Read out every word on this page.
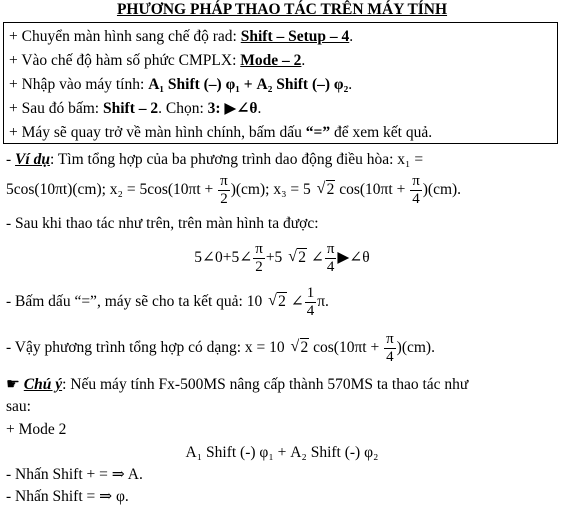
PHƯƠNG PHÁP THAO TÁC TRÊN MÁY TÍNH
+ Chuyển màn hình sang chế độ rad: Shift – Setup – 4.
+ Vào chế độ hàm số phức CMPLX: Mode – 2.
+ Nhập vào máy tính: A₁ Shift (–) φ₁ + A₂ Shift (–) φ₂.
+ Sau đó bấm: Shift – 2. Chọn: 3: ▶∠θ.
+ Máy sẽ quay trở về màn hình chính, bấm dấu “=” để xem kết quả.
- Ví dụ: Tìm tổng hợp của ba phương trình dao động điều hòa: x₁ =
5cos(10πt)(cm); $x_2 = 5\cos(10\pi t + \frac{\pi}{2} )(cm)$; x₃ = 5 √ 2 $\cos(10\pi t + \frac{\pi}{4} )(cm)$.
- Sau khi thao tác như trên, trên màn hình ta được:
5∠0+5∠ $\frac{\pi}{2} +5$ √ 2 ∠ $\frac{\pi}{4}$ ▶∠θ
- Bấm dấu “=”, máy sẽ cho ta kết quả: 10 √ 2 ∠ $\frac{1}{4} \pi$.
- Vậy phương trình tổng hợp có dạng: x = 10 √ 2 $\cos(10\pi t + \frac{\pi}{4} )(cm)$.
☛ Chú ý: Nếu máy tính Fx-500MS nâng cấp thành 570MS ta thao tác như
sau:
+ Mode 2
A₁ Shift (-) φ₁ + A₂ Shift (-) φ₂
- Nhấn Shift + = ⇒ A.
- Nhấn Shift = ⇒ φ.
